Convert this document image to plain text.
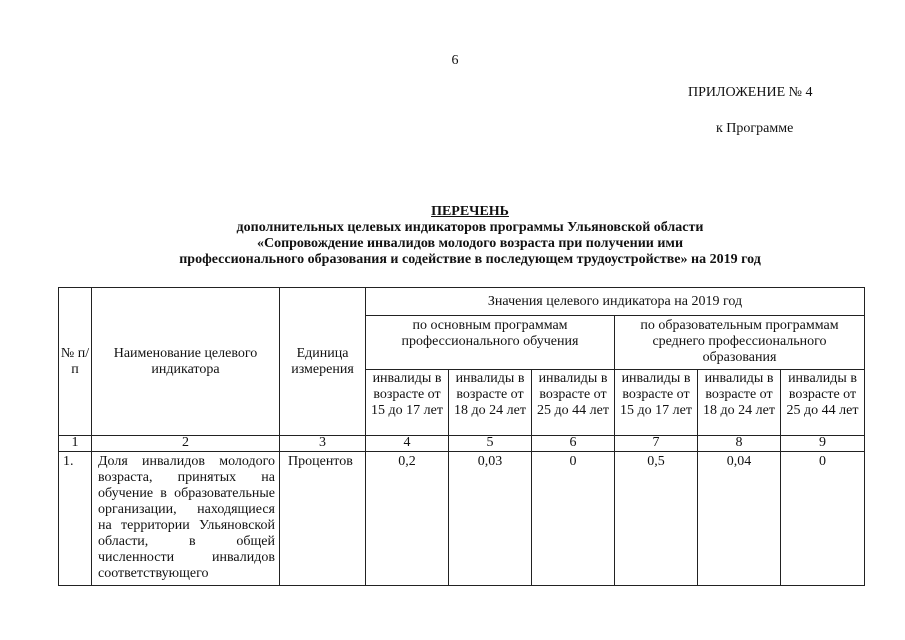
6
ПРИЛОЖЕНИЕ № 4
к Программе
ПЕРЕЧЕНЬ
дополнительных целевых индикаторов программы Ульяновской области
«Сопровождение инвалидов молодого возраста при получении ими
профессионального образования и содействие в последующем трудоустройстве» на 2019 год
№ п/п	Наименование целевого индикатора	Единица измерения	Значения целевого индикатора на 2019 год					
			по основным программам профессионального обучения			по образовательным программам среднего профессионального образования		
			инвалиды в возрасте от 15 до 17 лет	инвалиды в возрасте от 18 до 24 лет	инвалиды в возрасте от 25 до 44 лет	инвалиды в возрасте от 15 до 17 лет	инвалиды в возрасте от 18 до 24 лет	инвалиды в возрасте от 25 до 44 лет
1	2	3	4	5	6	7	8	9
1.	Доля инвалидов молодого возраста, принятых на обучение в образовательные организации, находящиеся на территории Ульяновской области, в общей численности инвалидов соответствующего	Процентов	0,2	0,03	0	0,5	0,04	0
